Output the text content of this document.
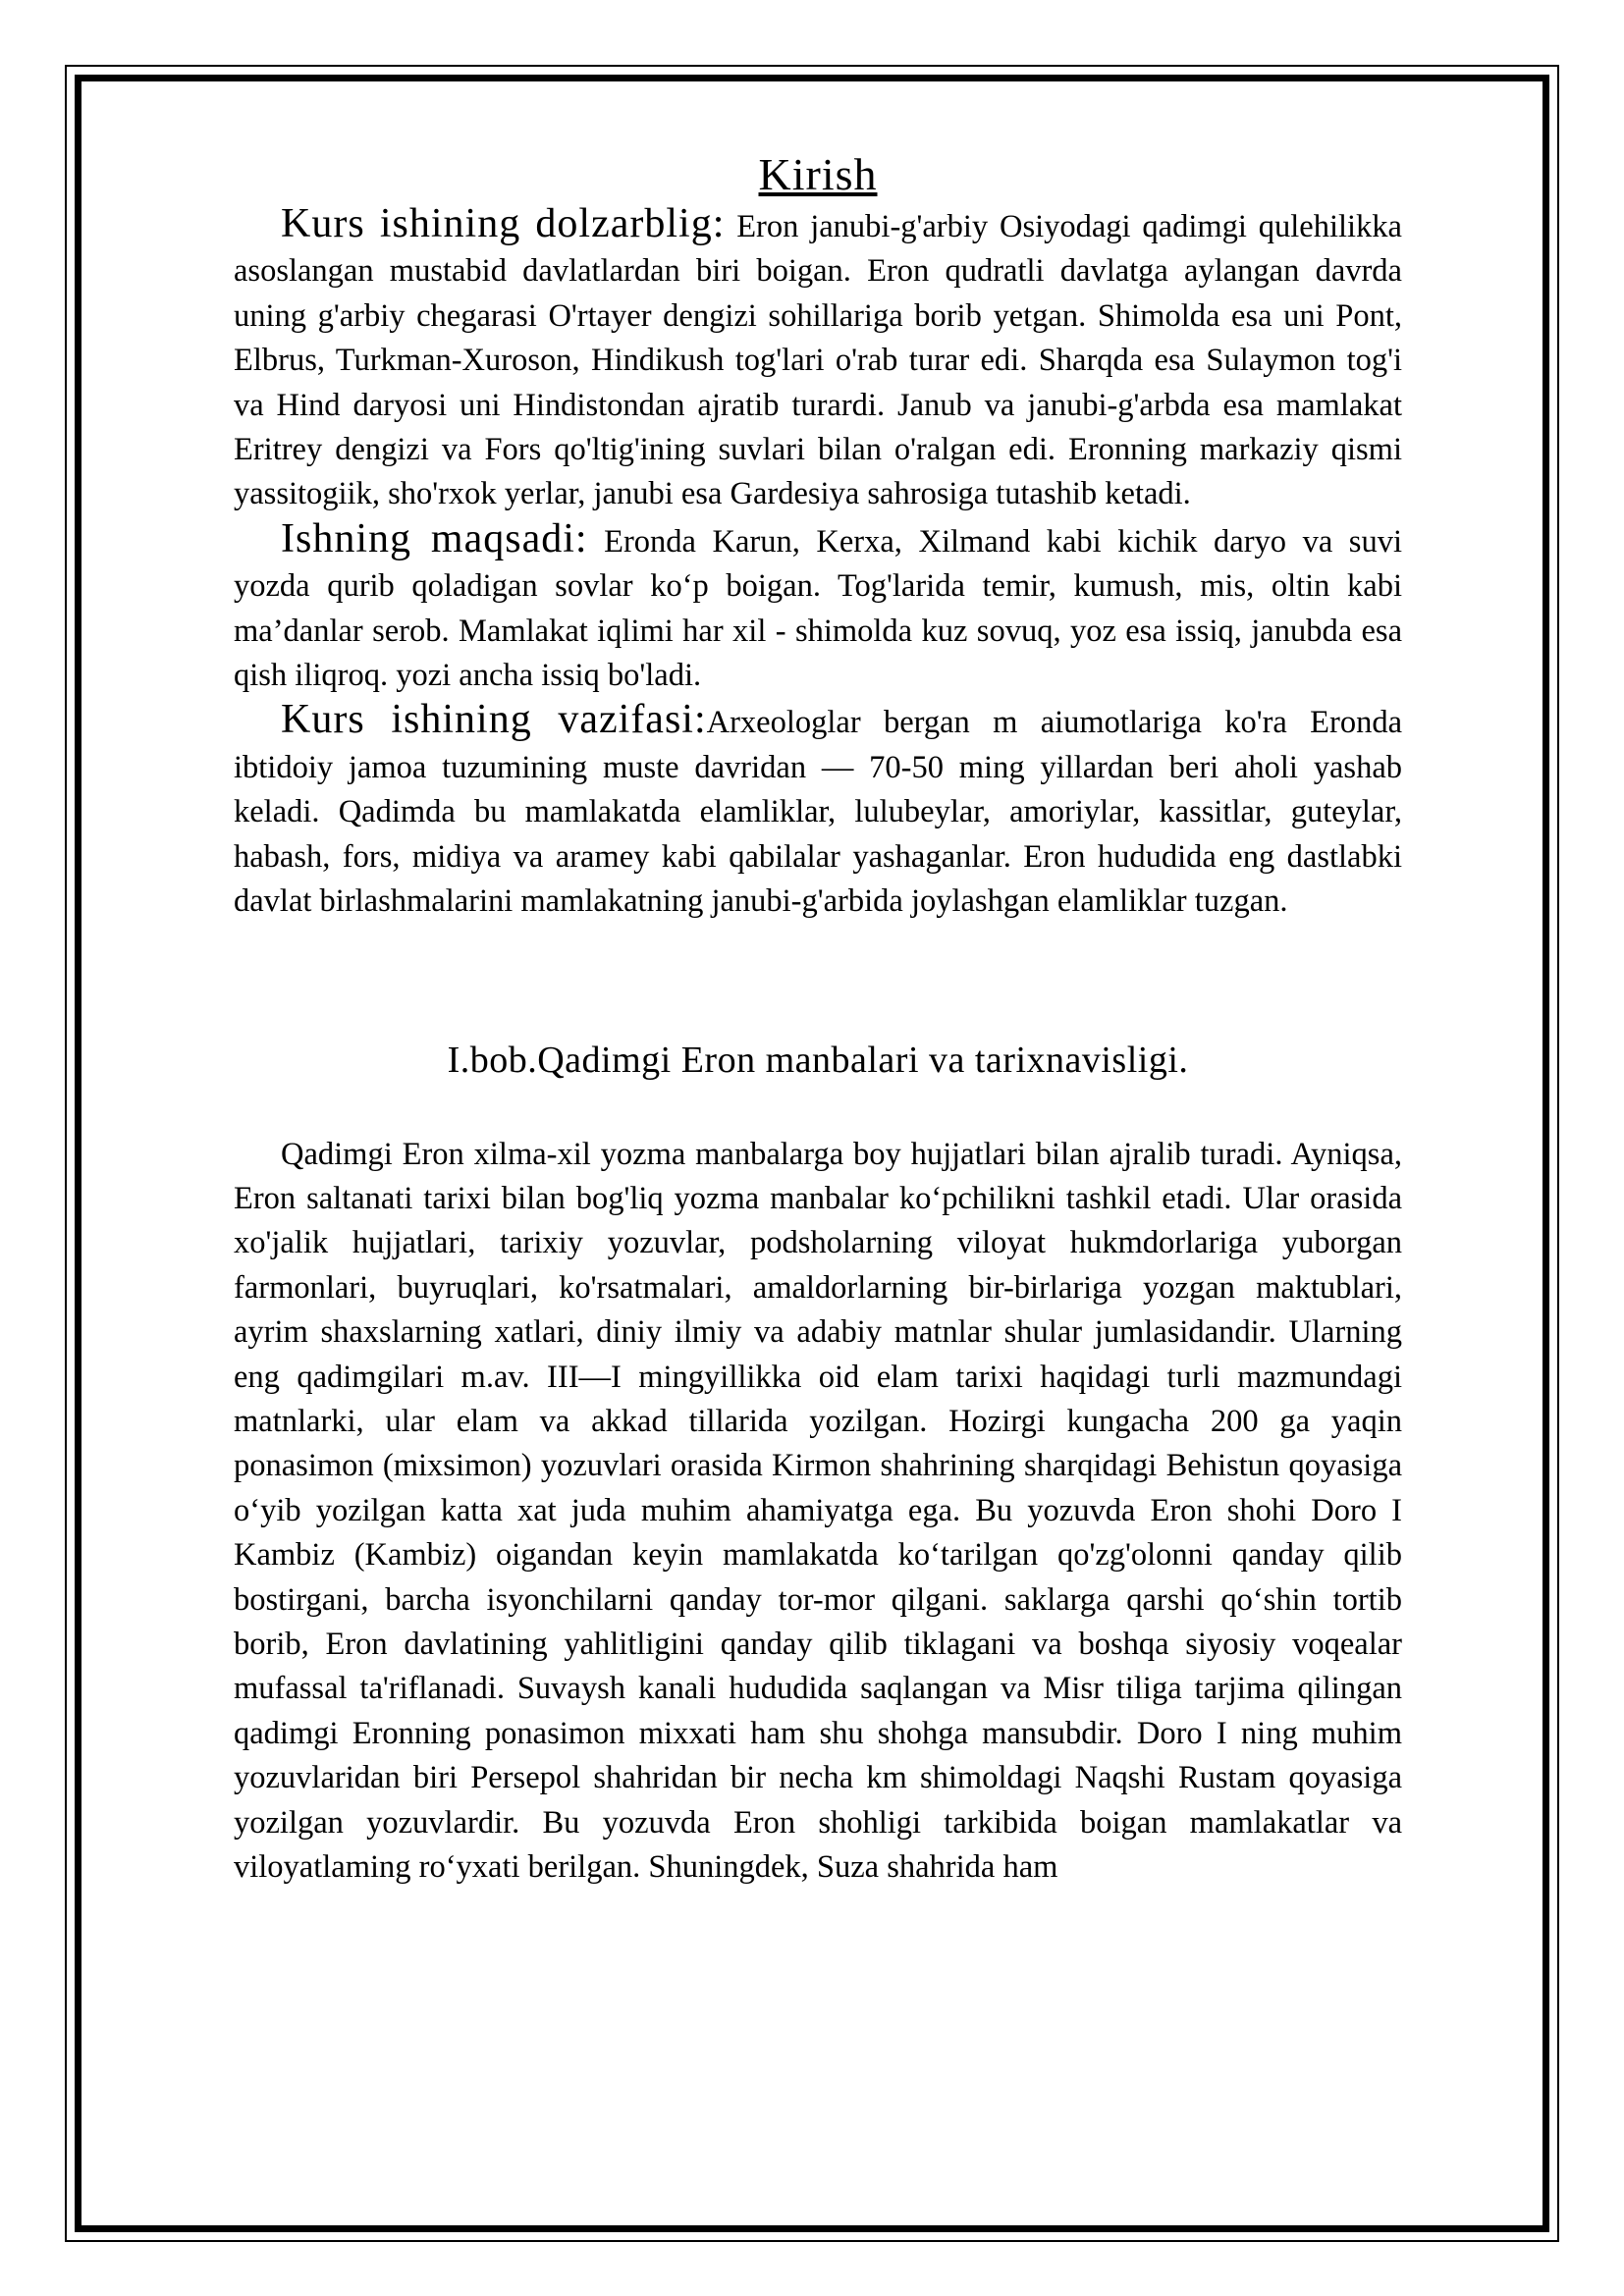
Kirish

Kurs ishining dolzarblig: Eron janubi-g'arbiy Osiyodagi qadimgi qulehilikka asoslangan mustabid davlatlardan biri boigan. Eron qudratli davlatga aylangan davrda uning g'arbiy chegarasi O'rtayer dengizi sohillariga borib yetgan. Shimolda esa uni Pont, Elbrus, Turkman-Xuroson, Hindikush tog'lari o'rab turar edi. Sharqda esa Sulaymon tog'i va Hind daryosi uni Hindistondan ajratib turardi. Janub va janubi-g'arbda esa mamlakat Eritrey dengizi va Fors qo'ltig'ining suvlari bilan o'ralgan edi. Eronning markaziy qismi yassitogiik, sho'rxok yerlar, janubi esa Gardesiya sahrosiga tutashib ketadi.

Ishning maqsadi: Eronda Karun, Kerxa, Xilmand kabi kichik daryo va suvi yozda qurib qoladigan sovlar ko‘p boigan. Tog'larida temir, kumush, mis, oltin kabi ma’danlar serob. Mamlakat iqlimi har xil - shimolda kuz sovuq, yoz esa issiq, janubda esa qish iliqroq. yozi ancha issiq bo'ladi.

Kurs ishining vazifasi:Arxeologlar bergan m aiumotlariga ko'ra Eronda ibtidoiy jamoa tuzumining muste davridan — 70-50 ming yillardan beri aholi yashab keladi. Qadimda bu mamlakatda elamliklar, lulubeylar, amoriylar, kassitlar, guteylar, habash, fors, midiya va aramey kabi qabilalar yashaganlar. Eron hududida eng dastlabki davlat birlashmalarini mamlakatning janubi-g'arbida joylashgan elamliklar tuzgan.

I.bob.Qadimgi Eron manbalari va tarixnavisligi.

Qadimgi Eron xilma-xil yozma manbalarga boy hujjatlari bilan ajralib turadi. Ayniqsa, Eron saltanati tarixi bilan bog'liq yozma manbalar ko‘pchilikni tashkil etadi. Ular orasida xo'jalik hujjatlari, tarixiy yozuvlar, podsholarning viloyat hukmdorlariga yuborgan farmonlari, buyruqlari, ko'rsatmalari, amaldorlarning bir-birlariga yozgan maktublari, ayrim shaxslarning xatlari, diniy ilmiy va adabiy matnlar shular jumlasidandir. Ularning eng qadimgilari m.av. III—I mingyillikka oid elam tarixi haqidagi turli mazmundagi matnlarki, ular elam va akkad tillarida yozilgan. Hozirgi kungacha 200 ga yaqin ponasimon (mixsimon) yozuvlari orasida Kirmon shahrining sharqidagi Behistun qoyasiga o‘yib yozilgan katta xat juda muhim ahamiyatga ega. Bu yozuvda Eron shohi Doro I Kambiz (Kambiz) oigandan keyin mamlakatda ko‘tarilgan qo'zg'olonni qanday qilib bostirgani, barcha isyonchilarni qanday tor-mor qilgani. saklarga qarshi qo‘shin tortib borib, Eron davlatining yahlitligini qanday qilib tiklagani va boshqa siyosiy voqealar mufassal ta'riflanadi. Suvaysh kanali hududida saqlangan va Misr tiliga tarjima qilingan qadimgi Eronning ponasimon mixxati ham shu shohga mansubdir. Doro I ning muhim yozuvlaridan biri Persepol shahridan bir necha km shimoldagi Naqshi Rustam qoyasiga yozilgan yozuvlardir. Bu yozuvda Eron shohligi tarkibida boigan mamlakatlar va viloyatlaming ro‘yxati berilgan. Shuningdek, Suza shahrida ham
